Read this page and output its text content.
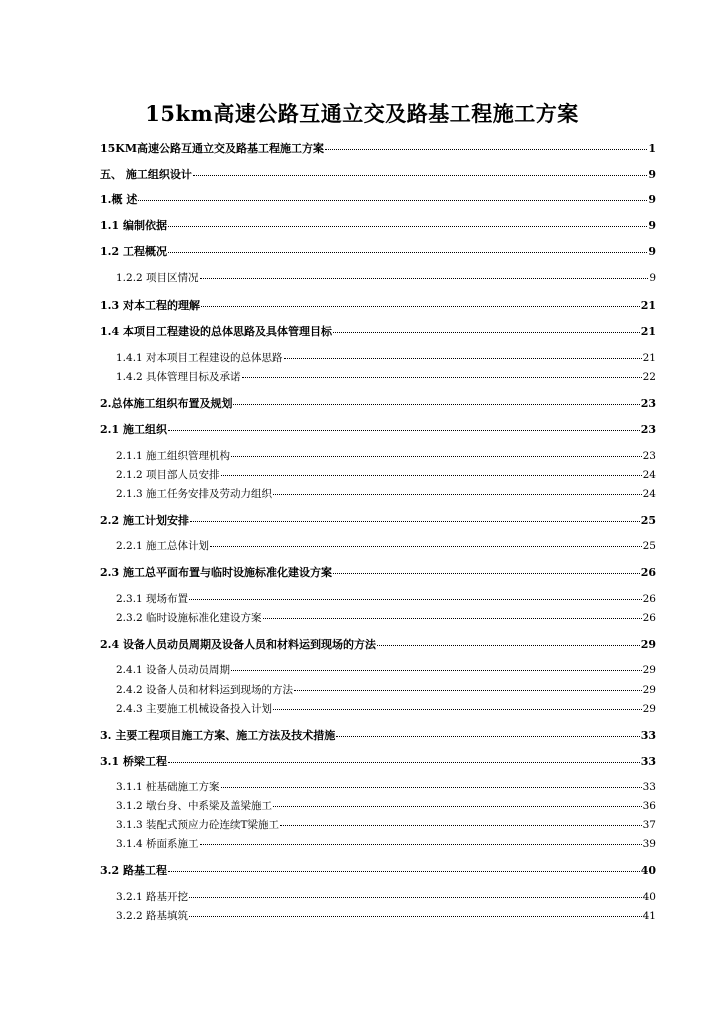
15km高速公路互通立交及路基工程施工方案
15KM高速公路互通立交及路基工程施工方案	1
五、 施工组织设计	9
1.概 述	9
1.1 编制依据	9
1.2 工程概况	9
1.2.2 项目区情况	9
1.3 对本工程的理解	21
1.4 本项目工程建设的总体思路及具体管理目标	21
1.4.1 对本项目工程建设的总体思路	21
1.4.2 具体管理目标及承诺	22
2.总体施工组织布置及规划	23
2.1 施工组织	23
2.1.1 施工组织管理机构	23
2.1.2 项目部人员安排	24
2.1.3 施工任务安排及劳动力组织	24
2.2 施工计划安排	25
2.2.1 施工总体计划	25
2.3 施工总平面布置与临时设施标准化建设方案	26
2.3.1 现场布置	26
2.3.2 临时设施标准化建设方案	26
2.4 设备人员动员周期及设备人员和材料运到现场的方法	29
2.4.1 设备人员动员周期	29
2.4.2 设备人员和材料运到现场的方法	29
2.4.3 主要施工机械设备投入计划	29
3. 主要工程项目施工方案、施工方法及技术措施	33
3.1 桥梁工程	33
3.1.1 桩基础施工方案	33
3.1.2 墩台身、中系梁及盖梁施工	36
3.1.3 装配式预应力砼连续T梁施工	37
3.1.4 桥面系施工	39
3.2 路基工程	40
3.2.1 路基开挖	40
3.2.2 路基填筑	41
